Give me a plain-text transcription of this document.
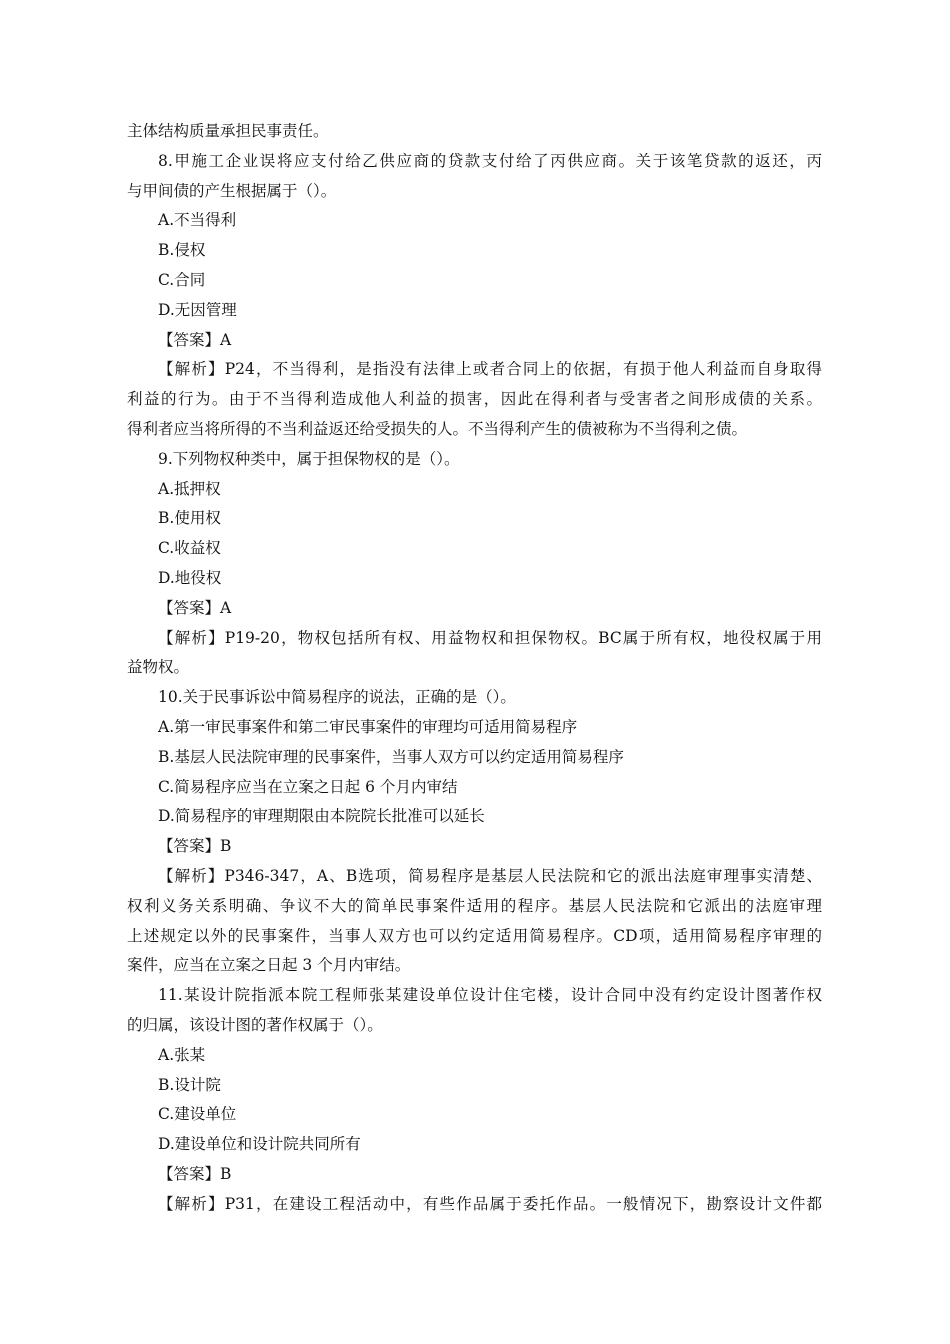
主体结构质量承担民事责任。
8.甲施工企业误将应支付给乙供应商的贷款支付给了丙供应商。关于该笔贷款的返还，丙
与甲间债的产生根据属于（）。
A.不当得利
B.侵权
C.合同
D.无因管理
【答案】A
【解析】P24，不当得利，是指没有法律上或者合同上的依据，有损于他人利益而自身取得
利益的行为。由于不当得利造成他人利益的损害，因此在得利者与受害者之间形成债的关系。
得利者应当将所得的不当利益返还给受损失的人。不当得利产生的债被称为不当得利之债。
9.下列物权种类中，属于担保物权的是（）。
A.抵押权
B.使用权
C.收益权
D.地役权
【答案】A
【解析】P19-20，物权包括所有权、用益物权和担保物权。BC属于所有权，地役权属于用
益物权。
10.关于民事诉讼中简易程序的说法，正确的是（）。
A.第一审民事案件和第二审民事案件的审理均可适用简易程序
B.基层人民法院审理的民事案件，当事人双方可以约定适用简易程序
C.简易程序应当在立案之日起 6 个月内审结
D.简易程序的审理期限由本院院长批准可以延长
【答案】B
【解析】P346-347，A、B选项，简易程序是基层人民法院和它的派出法庭审理事实清楚、
权利义务关系明确、争议不大的简单民事案件适用的程序。基层人民法院和它派出的法庭审理
上述规定以外的民事案件，当事人双方也可以约定适用简易程序。CD项，适用简易程序审理的
案件，应当在立案之日起 3 个月内审结。
11.某设计院指派本院工程师张某建设单位设计住宅楼，设计合同中没有约定设计图著作权
的归属，该设计图的著作权属于（）。
A.张某
B.设计院
C.建设单位
D.建设单位和设计院共同所有
【答案】B
【解析】P31，在建设工程活动中，有些作品属于委托作品。一般情况下，勘察设计文件都
